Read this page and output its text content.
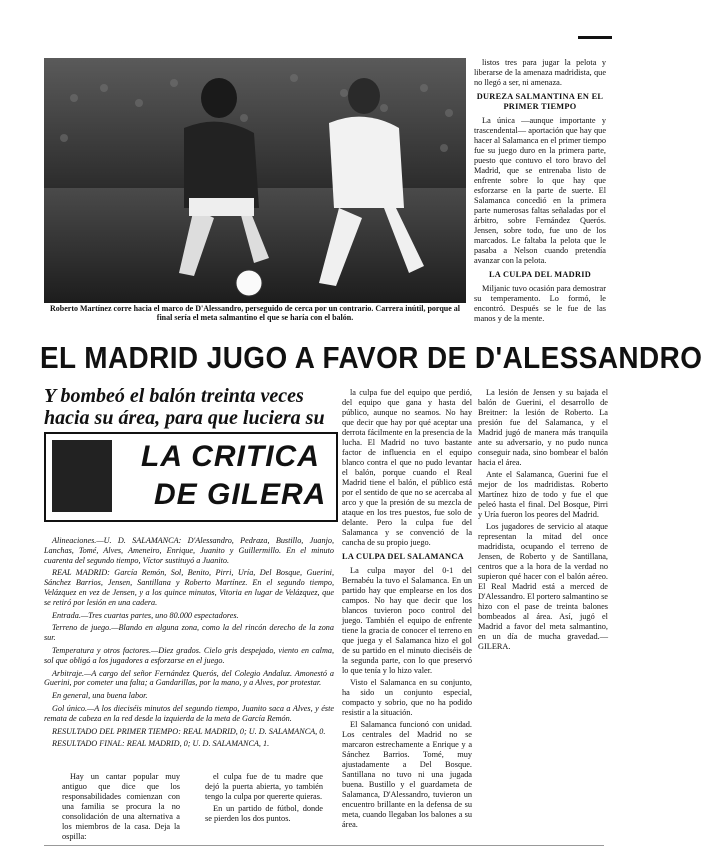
Roberto Martínez corre hacia el marco de D'Alessandro, perseguido de cerca por un contrario. Carrera inútil, porque al final sería el meta salmantino el que se haría con el balón.

listos tres para jugar la pelota y liberarse de la amenaza madridista, que no llegó a ser, ni amenaza.

DUREZA SALMANTINA EN EL PRIMER TIEMPO

La única —aunque importante y trascendental— aportación que hay que hacer al Salamanca en el primer tiempo fue su juego duro en la primera parte, puesto que contuvo el toro bravo del Madrid, que se entrenaba listo de enfrente sobre lo que hay que esforzarse en la parte de suerte. El Salamanca concedió en la primera parte numerosas faltas señaladas por el árbitro, sobre Fernández Querós. Jensen, sobre todo, fue uno de los marcados. Le faltaba la pelota que le pasaba a Nelson cuando pretendía avanzar con la pelota.

LA CULPA DEL MADRID

Miljanic tuvo ocasión para demostrar su temperamento. Lo formó, le encontró. Después se le fue de las manos y de la mente.

EL MADRID JUGO A FAVOR DE D'ALESSANDRO
Y bombeó el balón treinta veces hacia su área, para que luciera su
LA CRITICA
DE GILERA

Alineaciones.—U. D. SALAMANCA: D'Alessandro, Pedraza, Bustillo, Juanjo, Lanchas, Tomé, Alves, Ameneiro, Enrique, Juanito y Guillermillo. En el minuto cuarenta del segundo tiempo, Víctor sustituyó a Juanito.

REAL MADRID: García Remón, Sol, Benito, Pirri, Uría, Del Bosque, Guerini, Sánchez Barrios, Jensen, Santillana y Roberto Martínez. En el segundo tiempo, Velázquez en vez de Jensen, y a los quince minutos, Vitoria en lugar de Velázquez, que se retiró por lesión en una cadera.

Entrada.—Tres cuartas partes, uno 80.000 espectadores.

Terreno de juego.—Blando en alguna zona, como la del rincón derecho de la zona sur.

Temperatura y otros factores.—Diez grados. Cielo gris despejado, viento en calma, sol que obligó a los jugadores a esforzarse en el juego.

Arbitraje.—A cargo del señor Fernández Querós, del Colegio Andaluz. Amonestó a Guerini, por cometer una falta; a Gandarillas, por la mano, y a Alves, por protestar.

En general, una buena labor.

Gol único.—A los dieciséis minutos del segundo tiempo, Juanito saca a Alves, y éste remata de cabeza en la red desde la izquierda de la meta de García Remón.

RESULTADO DEL PRIMER TIEMPO: REAL MADRID, 0; U. D. SALAMANCA, 0.

RESULTADO FINAL: REAL MADRID, 0; U. D. SALAMANCA, 1.

la culpa fue del equipo que perdió, del equipo que gana y hasta del público, aunque no seamos. No hay que decir que hay por qué aceptar una derrota fácilmente en la presencia de la lucha. El Madrid no tuvo bastante factor de influencia en el equipo blanco contra el que no pudo levantar el balón, porque cuando el Real Madrid tiene el balón, el público está por el sentido de que no se acercaba al arco y que la presión de su mezcla de ataque en los tres puestos, fue solo de delante. Pero la culpa fue del Salamanca y se convenció de la cancha de su propio juego.

LA CULPA DEL SALAMANCA

La culpa mayor del 0-1 del Bernabéu la tuvo el Salamanca. En un partido hay que emplearse en los dos campos. No hay que decir que los blancos tuvieron poco control del juego. También el equipo de enfrente tiene la gracia de conocer el terreno en que juega y el Salamanca hizo el gol de su partido en el minuto dieciséis de la segunda parte, con lo que preservó lo que tenía y lo hizo valer.

Visto el Salamanca en su conjunto, ha sido un conjunto especial, compacto y sobrio, que no ha podido resistir a la situación.

El Salamanca funcionó con unidad. Los centrales del Madrid no se marcaron estrechamente a Enrique y a Sánchez Barrios. Tomé, muy ajustadamente a Del Bosque. Santillana no tuvo ni una jugada buena. Bustillo y el guardameta de Salamanca, D'Alessandro, tuvieron un encuentro brillante en la defensa de su meta, cuando llegaban los balones a su área.

La lesión de Jensen y su bajada el balón de Guerini, el desarrollo de Breitner: la lesión de Roberto. La presión fue del Salamanca, y el Madrid jugó de manera más tranquila ante su adversario, y no pudo nunca conseguir nada, sino bombear el balón hacia el área.

Ante el Salamanca, Guerini fue el mejor de los madridistas. Roberto Martínez hizo de todo y fue el que peleó hasta el final. Del Bosque, Pirri y Uría fueron los peores del Madrid.

Los jugadores de servicio al ataque representan la mitad del once madridista, ocupando el terreno de Jensen, de Roberto y de Santillana, centros que a la hora de la verdad no supieron qué hacer con el balón aéreo. El Real Madrid está a merced de D'Alessandro. El portero salmantino se hizo con el pase de treinta balones bombeados al área. Así, jugó el Madrid a favor del meta salmantino, en un día de mucha gravedad.—GILERA.

Hay un cantar popular muy antiguo que dice que los responsabilidades comienzan con una familia se procura la no consolidación de una alternativa a los miembros de la casa. Deja la ospilla:

el culpa fue de tu madre que dejó la puerta abierta, yo también tengo la culpa por quererte quieras.

En un partido de fútbol, donde se pierden los dos puntos.
